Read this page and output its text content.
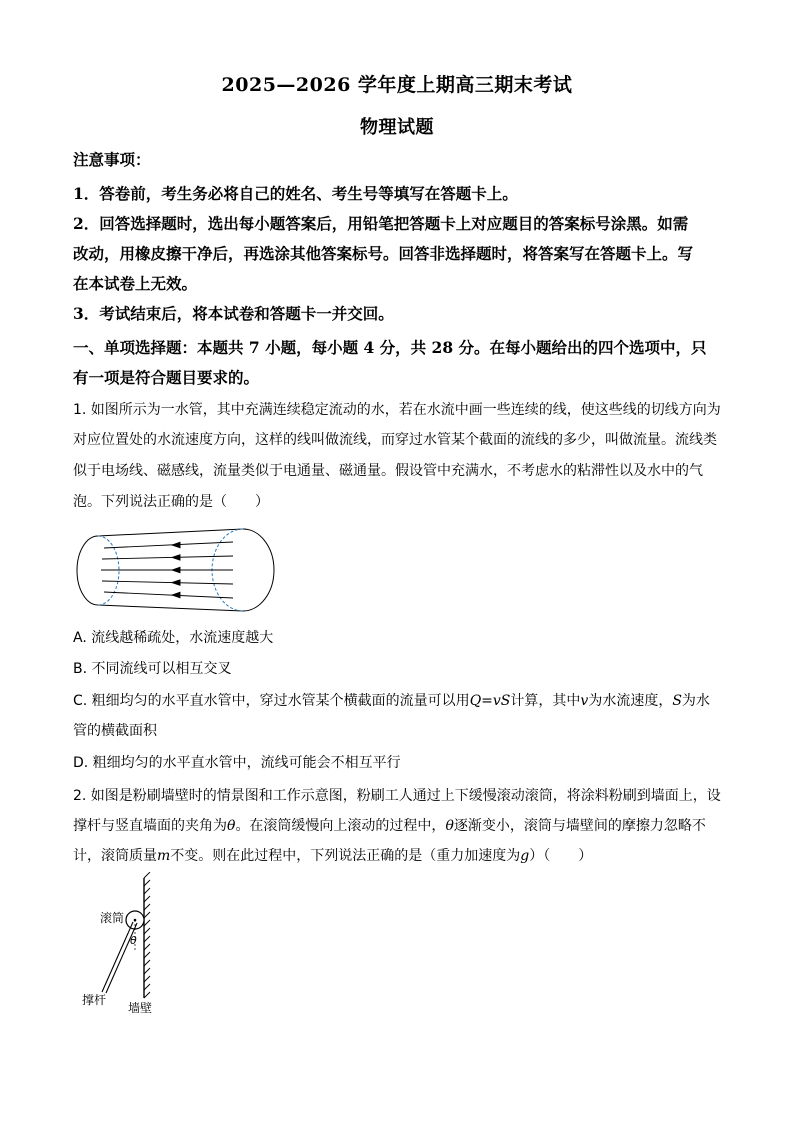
2025—2026 学年度上期高三期末考试
物理试题
注意事项：
1．答卷前，考生务必将自己的姓名、考生号等填写在答题卡上。
2．回答选择题时，选出每小题答案后，用铅笔把答题卡上对应题目的答案标号涂黑。如需
改动，用橡皮擦干净后，再选涂其他答案标号。回答非选择题时，将答案写在答题卡上。写
在本试卷上无效。
3．考试结束后，将本试卷和答题卡一并交回。
一、单项选择题：本题共 7 小题，每小题 4 分，共 28 分。在每小题给出的四个选项中，只
有一项是符合题目要求的。
1. 如图所示为一水管，其中充满连续稳定流动的水，若在水流中画一些连续的线，使这些线的切线方向为
对应位置处的水流速度方向，这样的线叫做流线，而穿过水管某个截面的流线的多少，叫做流量。流线类
似于电场线、磁感线，流量类似于电通量、磁通量。假设管中充满水，不考虑水的粘滞性以及水中的气
泡。下列说法正确的是（　　）
A. 流线越稀疏处，水流速度越大
B. 不同流线可以相互交叉
C. 粗细均匀的水平直水管中，穿过水管某个横截面的流量可以用Q=vS计算，其中v为水流速度，S为水
管的横截面积
D. 粗细均匀的水平直水管中，流线可能会不相互平行
2. 如图是粉刷墙壁时的情景图和工作示意图，粉刷工人通过上下缓慢滚动滚筒，将涂料粉刷到墙面上，设
撑杆与竖直墙面的夹角为θ。在滚筒缓慢向上滚动的过程中，θ逐渐变小，滚筒与墙壁间的摩擦力忽略不
计，滚筒质量m不变。则在此过程中，下列说法正确的是（重力加速度为g）（　　）
滚筒
θ
撑杆
墙壁
